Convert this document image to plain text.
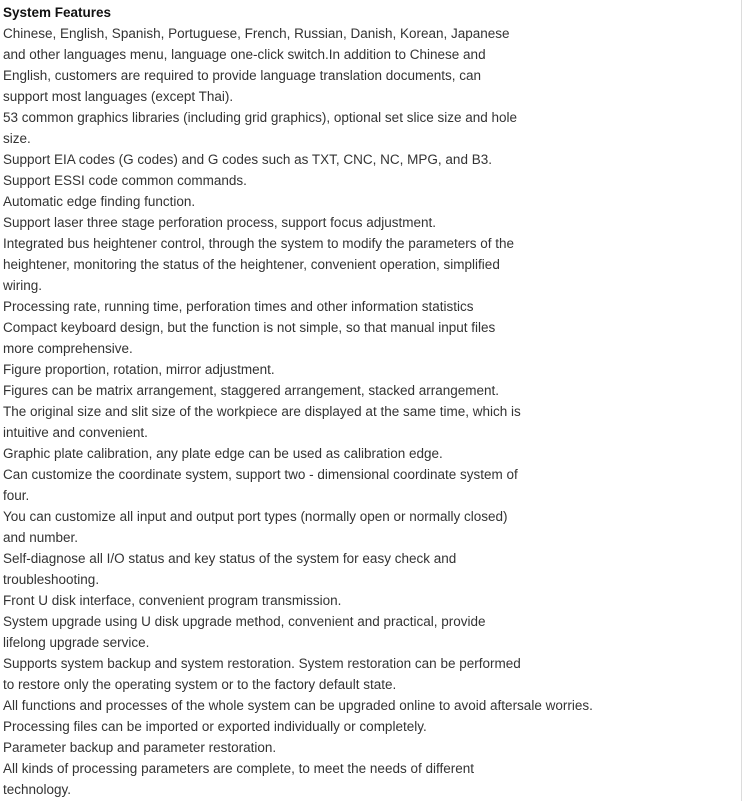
System Features

Chinese, English, Spanish, Portuguese, French, Russian, Danish, Korean, Japanese

and other languages menu, language one-click switch.In addition to Chinese and

English, customers are required to provide language translation documents, can

support most languages (except Thai).

53 common graphics libraries (including grid graphics), optional set slice size and hole

size.

Support EIA codes (G codes) and G codes such as TXT, CNC, NC, MPG, and B3.

Support ESSI code common commands.

Automatic edge finding function.

Support laser three stage perforation process, support focus adjustment.

Integrated bus heightener control, through the system to modify the parameters of the

heightener, monitoring the status of the heightener, convenient operation, simplified

wiring.

Processing rate, running time, perforation times and other information statistics

Compact keyboard design, but the function is not simple, so that manual input files

more comprehensive.

Figure proportion, rotation, mirror adjustment.

Figures can be matrix arrangement, staggered arrangement, stacked arrangement.

The original size and slit size of the workpiece are displayed at the same time, which is

intuitive and convenient.

Graphic plate calibration, any plate edge can be used as calibration edge.

Can customize the coordinate system, support two - dimensional coordinate system of

four.

You can customize all input and output port types (normally open or normally closed)

and number.

Self-diagnose all I/O status and key status of the system for easy check and

troubleshooting.

Front U disk interface, convenient program transmission.

System upgrade using U disk upgrade method, convenient and practical, provide

lifelong upgrade service.

Supports system backup and system restoration. System restoration can be performed

to restore only the operating system or to the factory default state.

All functions and processes of the whole system can be upgraded online to avoid aftersale worries.

Processing files can be imported or exported individually or completely.

Parameter backup and parameter restoration.

All kinds of processing parameters are complete, to meet the needs of different

technology.
